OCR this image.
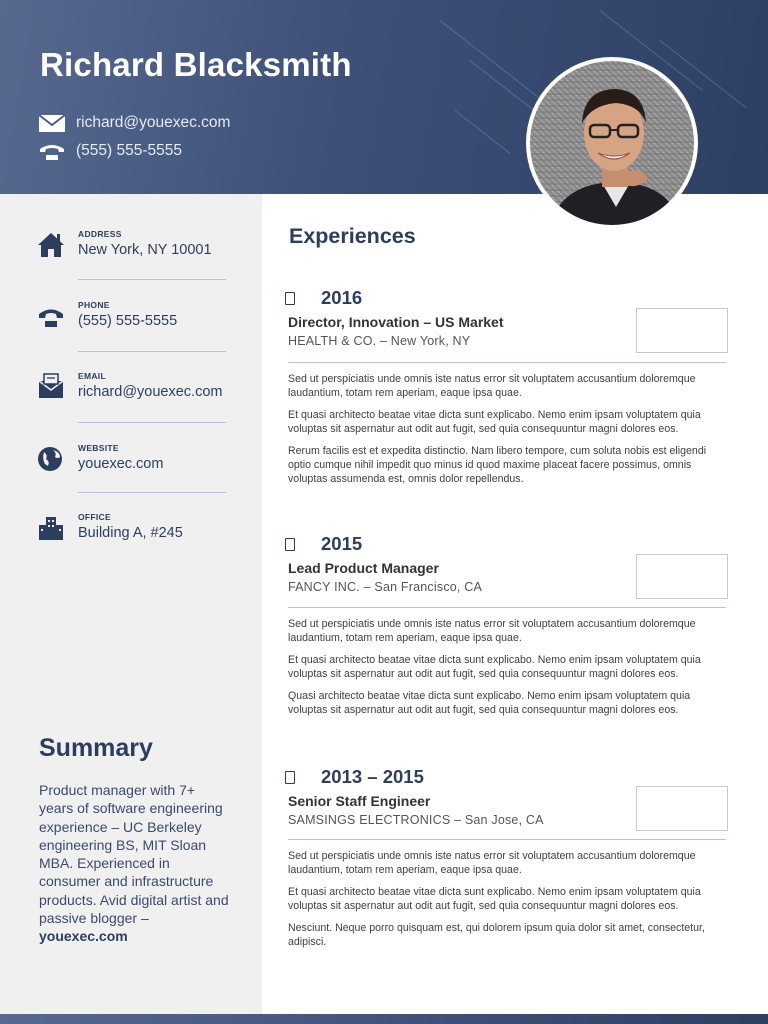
Richard Blacksmith
richard@youexec.com
(555) 555-5555
ADDRESS
New York, NY 10001
PHONE
(555) 555-5555
EMAIL
richard@youexec.com
WEBSITE
youexec.com
OFFICE
Building A, #245
Summary
Product manager with 7+ years of software engineering experience – UC Berkeley engineering BS, MIT Sloan MBA. Experienced in consumer and infrastructure products. Avid digital artist and passive blogger – youexec.com
Experiences
2016
Director, Innovation – US Market
HEALTH & CO. – New York, NY

Sed ut perspiciatis unde omnis iste natus error sit voluptatem accusantium doloremque laudantium, totam rem aperiam, eaque ipsa quae.

Et quasi architecto beatae vitae dicta sunt explicabo. Nemo enim ipsam voluptatem quia voluptas sit aspernatur aut odit aut fugit, sed quia consequuntur magni dolores eos.

Rerum facilis est et expedita distinctio. Nam libero tempore, cum soluta nobis est eligendi optio cumque nihil impedit quo minus id quod maxime placeat facere possimus, omnis voluptas assumenda est, omnis dolor repellendus.

2015
Lead Product Manager
FANCY INC. – San Francisco, CA

Sed ut perspiciatis unde omnis iste natus error sit voluptatem accusantium doloremque laudantium, totam rem aperiam, eaque ipsa quae.

Et quasi architecto beatae vitae dicta sunt explicabo. Nemo enim ipsam voluptatem quia voluptas sit aspernatur aut odit aut fugit, sed quia consequuntur magni dolores eos.

Quasi architecto beatae vitae dicta sunt explicabo. Nemo enim ipsam voluptatem quia voluptas sit aspernatur aut odit aut fugit, sed quia consequuntur magni dolores eos.

2013 – 2015
Senior Staff Engineer
SAMSINGS ELECTRONICS – San Jose, CA

Sed ut perspiciatis unde omnis iste natus error sit voluptatem accusantium doloremque laudantium, totam rem aperiam, eaque ipsa quae.

Et quasi architecto beatae vitae dicta sunt explicabo. Nemo enim ipsam voluptatem quia voluptas sit aspernatur aut odit aut fugit, sed quia consequuntur magni dolores eos.

Nesciunt. Neque porro quisquam est, qui dolorem ipsum quia dolor sit amet, consectetur, adipisci.
